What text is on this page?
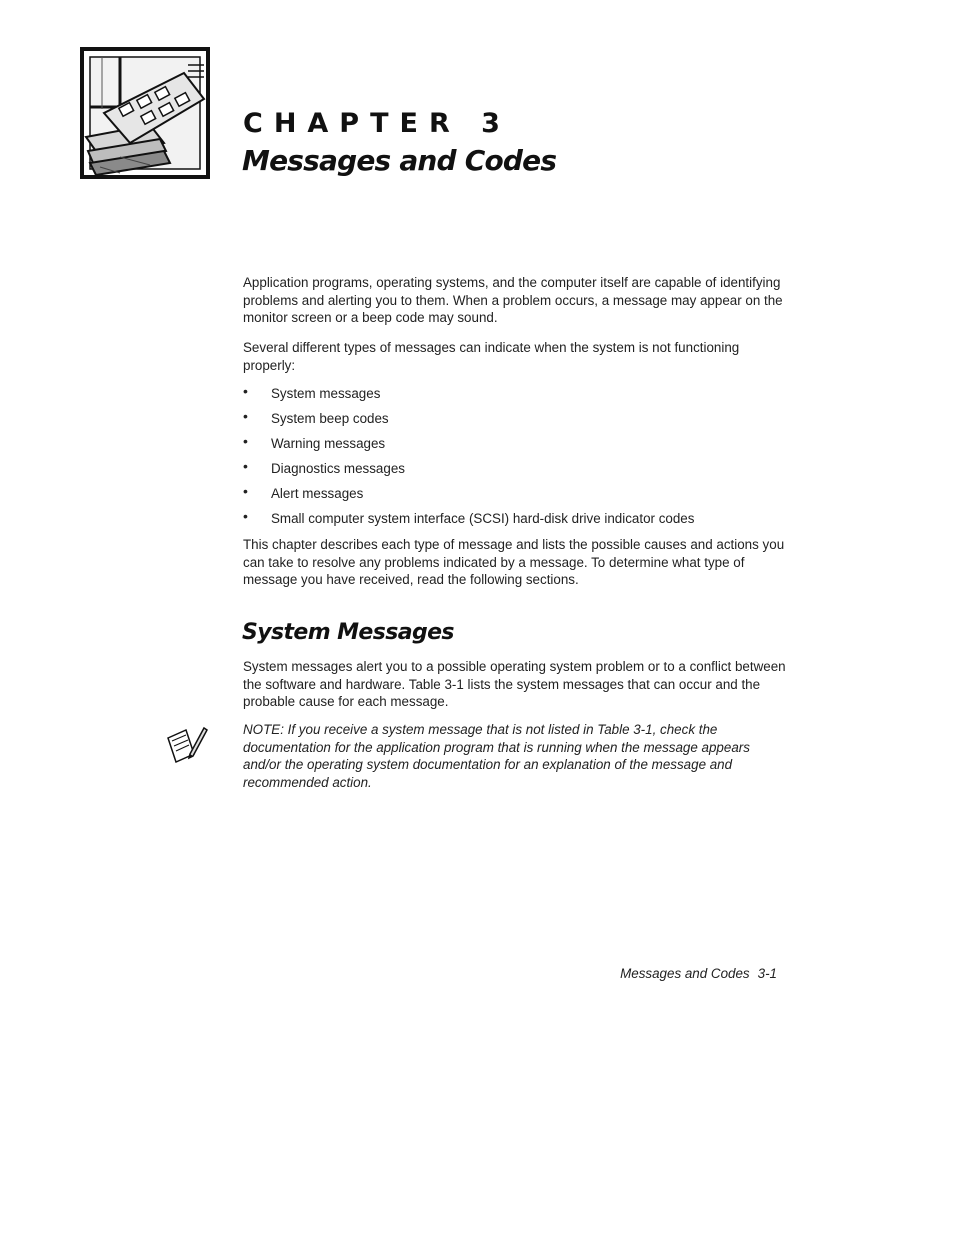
CHAPTER 3
Messages and Codes

Application programs, operating systems, and the computer itself are capable of identifying problems and alerting you to them. When a problem occurs, a message may appear on the monitor screen or a beep code may sound.

Several different types of messages can indicate when the system is not functioning properly:

• System messages
• System beep codes
• Warning messages
• Diagnostics messages
• Alert messages
• Small computer system interface (SCSI) hard-disk drive indicator codes

This chapter describes each type of message and lists the possible causes and actions you can take to resolve any problems indicated by a message. To determine what type of message you have received, read the following sections.

System Messages

System messages alert you to a possible operating system problem or to a conflict between the software and hardware. Table 3-1 lists the system messages that can occur and the probable cause for each message.

NOTE: If you receive a system message that is not listed in Table 3-1, check the documentation for the application program that is running when the message appears and/or the operating system documentation for an explanation of the message and recommended action.

Messages and Codes 3-1
